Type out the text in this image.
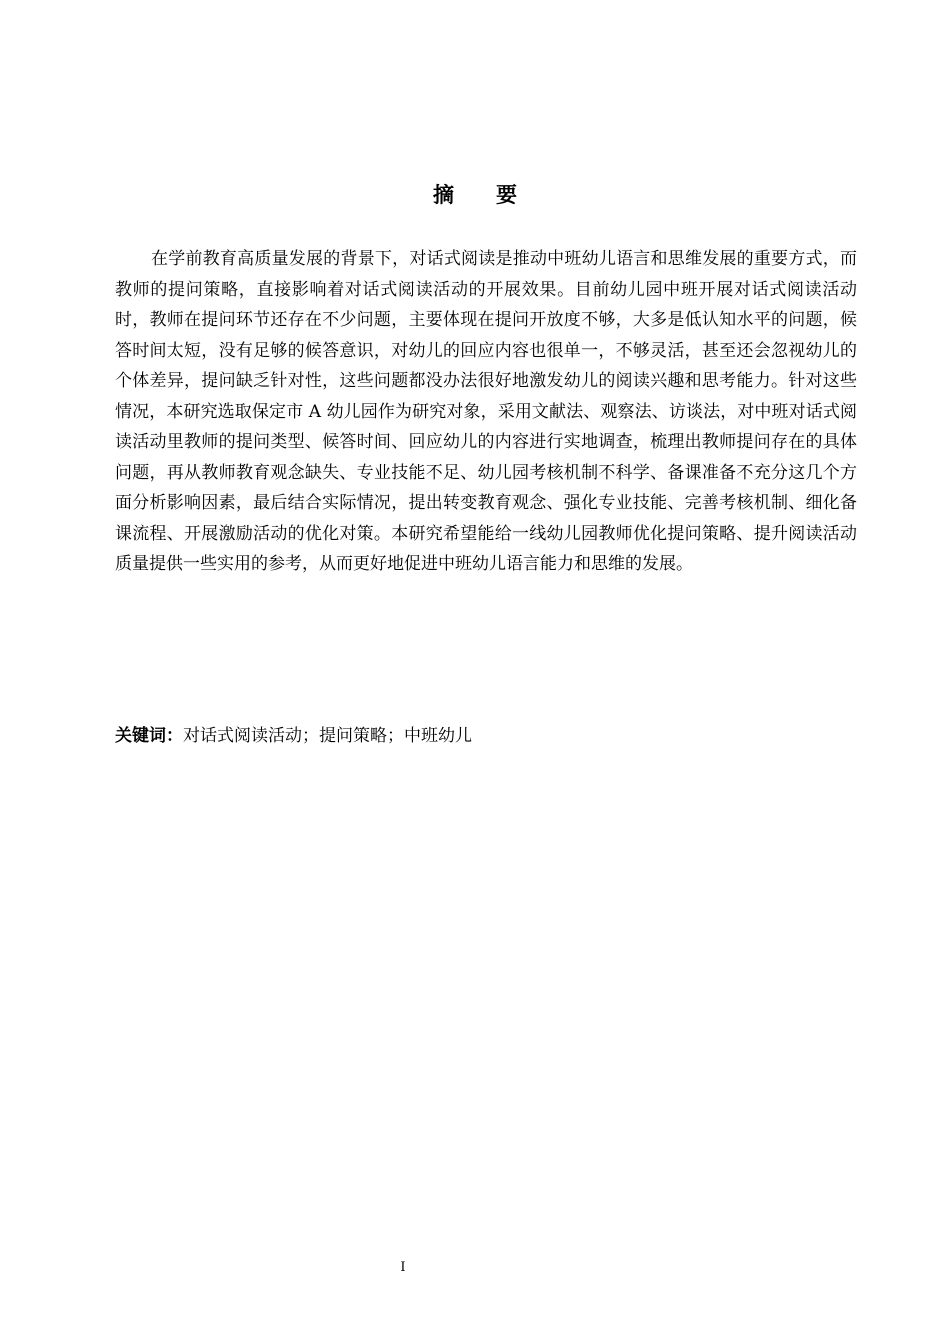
摘要

在学前教育高质量发展的背景下，对话式阅读是推动中班幼儿语言和思维发展的重要方式，而教师的提问策略，直接影响着对话式阅读活动的开展效果。目前幼儿园中班开展对话式阅读活动时，教师在提问环节还存在不少问题，主要体现在提问开放度不够，大多是低认知水平的问题，候答时间太短，没有足够的候答意识，对幼儿的回应内容也很单一，不够灵活，甚至还会忽视幼儿的个体差异，提问缺乏针对性，这些问题都没办法很好地激发幼儿的阅读兴趣和思考能力。针对这些情况，本研究选取保定市 A 幼儿园作为研究对象，采用文献法、观察法、访谈法，对中班对话式阅读活动里教师的提问类型、候答时间、回应幼儿的内容进行实地调查，梳理出教师提问存在的具体问题，再从教师教育观念缺失、专业技能不足、幼儿园考核机制不科学、备课准备不充分这几个方面分析影响因素，最后结合实际情况，提出转变教育观念、强化专业技能、完善考核机制、细化备课流程、开展激励活动的优化对策。本研究希望能给一线幼儿园教师优化提问策略、提升阅读活动质量提供一些实用的参考，从而更好地促进中班幼儿语言能力和思维的发展。

关键词：对话式阅读活动；提问策略；中班幼儿

I
